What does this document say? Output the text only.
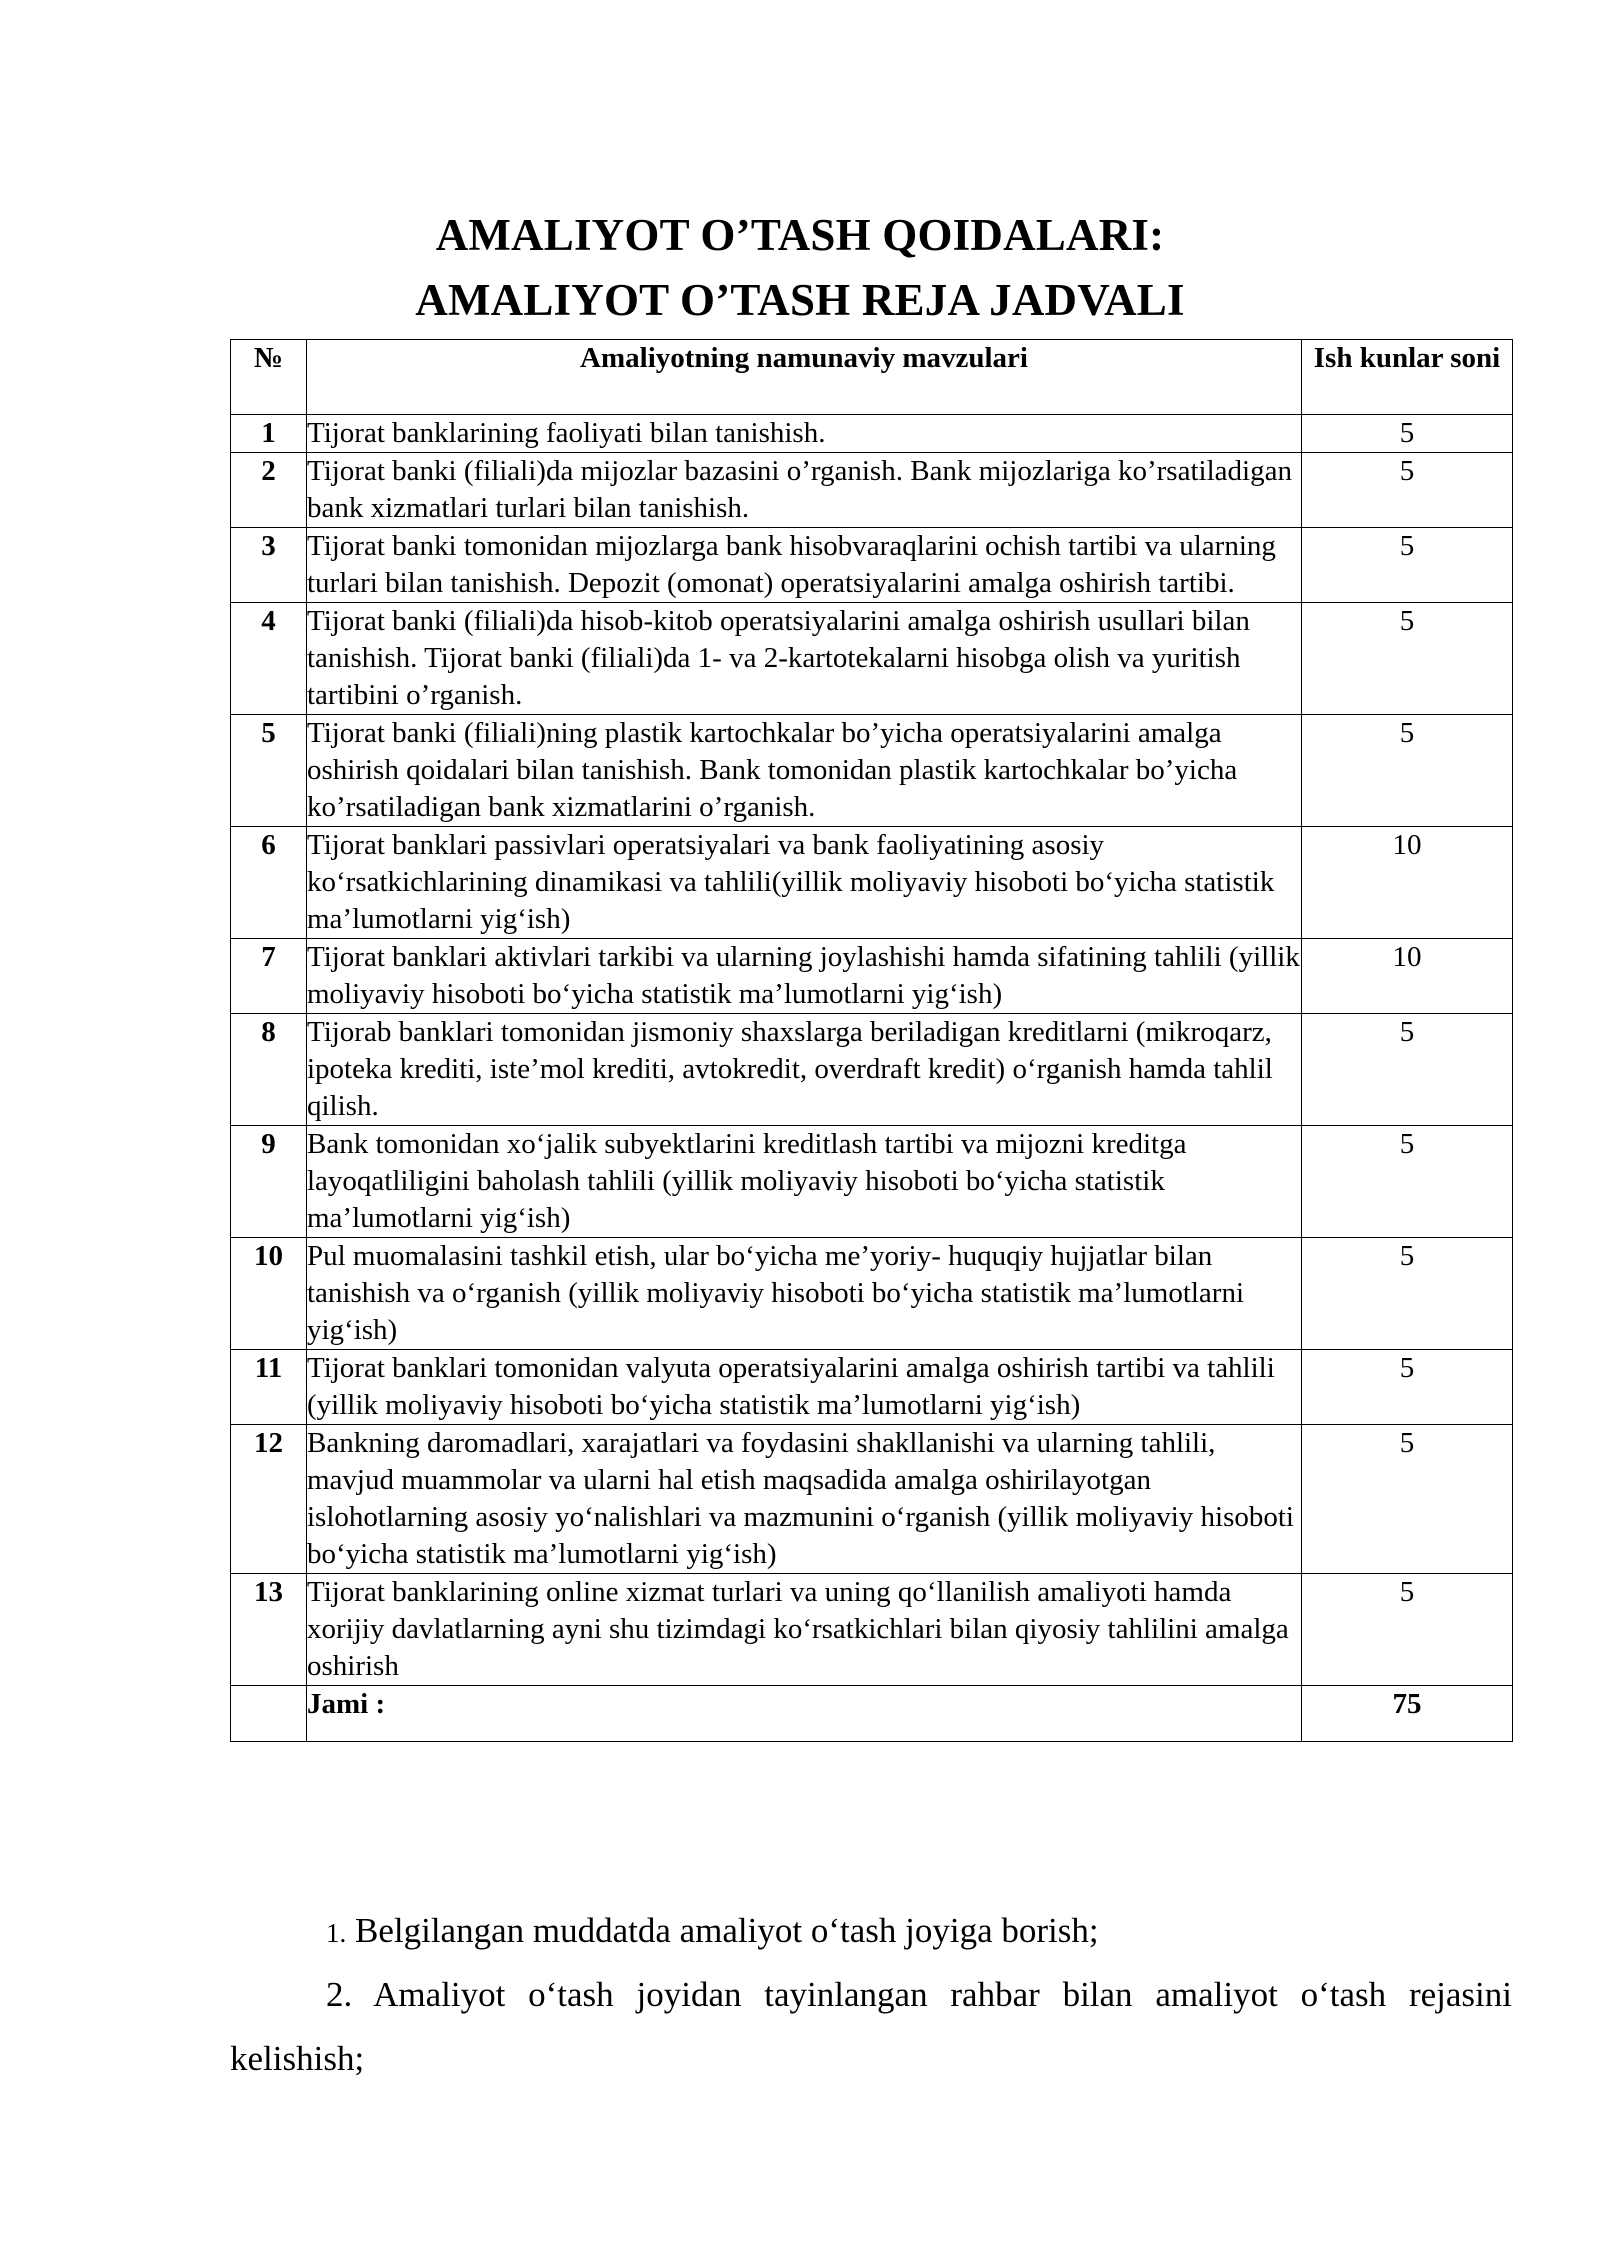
AMALIYOT O’TASH QOIDALARI:
AMALIYOT O’TASH REJA JADVALI
№	Amaliyotning namunaviy mavzulari	Ish kunlar soni
1	Tijorat banklarining faoliyati bilan tanishish.	5
2	Tijorat banki (filiali)da mijozlar bazasini o’rganish. Bank mijozlariga ko’rsatiladigan bank xizmatlari turlari bilan tanishish.	5
3	Tijorat banki tomonidan mijozlarga bank hisobvaraqlarini ochish tartibi va ularning turlari bilan tanishish. Depozit (omonat) operatsiyalarini amalga oshirish tartibi.	5
4	Tijorat banki (filiali)da hisob-kitob operatsiyalarini amalga oshirish usullari bilan tanishish. Tijorat banki (filiali)da 1- va 2-kartotekalarni hisobga olish va yuritish tartibini o’rganish.	5
5	Tijorat banki (filiali)ning plastik kartochkalar bo’yicha operatsiyalarini amalga oshirish qoidalari bilan tanishish. Bank tomonidan plastik kartochkalar bo’yicha ko’rsatiladigan bank xizmatlarini o’rganish.	5
6	Tijorat banklari passivlari operatsiyalari va bank faoliyatining asosiy ko‘rsatkichlarining dinamikasi va tahlili(yillik moliyaviy hisoboti bo‘yicha statistik ma’lumotlarni yig‘ish)	10
7	Tijorat banklari aktivlari tarkibi va ularning joylashishi hamda sifatining tahlili (yillik moliyaviy hisoboti bo‘yicha statistik ma’lumotlarni yig‘ish)	10
8	Tijorab banklari tomonidan jismoniy shaxslarga beriladigan kreditlarni (mikroqarz, ipoteka krediti, iste’mol krediti, avtokredit, overdraft kredit) o‘rganish hamda tahlil qilish.	5
9	Bank tomonidan xo‘jalik subyektlarini kreditlash tartibi va mijozni kreditga layoqatliligini baholash tahlili (yillik moliyaviy hisoboti bo‘yicha statistik ma’lumotlarni yig‘ish)	5
10	Pul muomalasini tashkil etish, ular bo‘yicha me’yoriy- huquqiy hujjatlar bilan tanishish va o‘rganish (yillik moliyaviy hisoboti bo‘yicha statistik ma’lumotlarni yig‘ish)	5
11	Tijorat banklari tomonidan valyuta operatsiyalarini amalga oshirish tartibi va tahlili (yillik moliyaviy hisoboti bo‘yicha statistik ma’lumotlarni yig‘ish)	5
12	Bankning daromadlari, xarajatlari va foydasini shakllanishi va ularning tahlili, mavjud muammolar va ularni hal etish maqsadida amalga oshirilayotgan islohotlarning asosiy yo‘nalishlari va mazmunini o‘rganish (yillik moliyaviy hisoboti bo‘yicha statistik ma’lumotlarni yig‘ish)	5
13	Tijorat banklarining online xizmat turlari va uning qo‘llanilish amaliyoti hamda xorijiy davlatlarning ayni shu tizimdagi ko‘rsatkichlari bilan qiyosiy tahlilini amalga oshirish	5
	Jami :	75
1. Belgilangan muddatda amaliyot o‘tash joyiga borish;
2. Amaliyot o‘tash joyidan tayinlangan rahbar bilan amaliyot o‘tash rejasini
kelishish;
